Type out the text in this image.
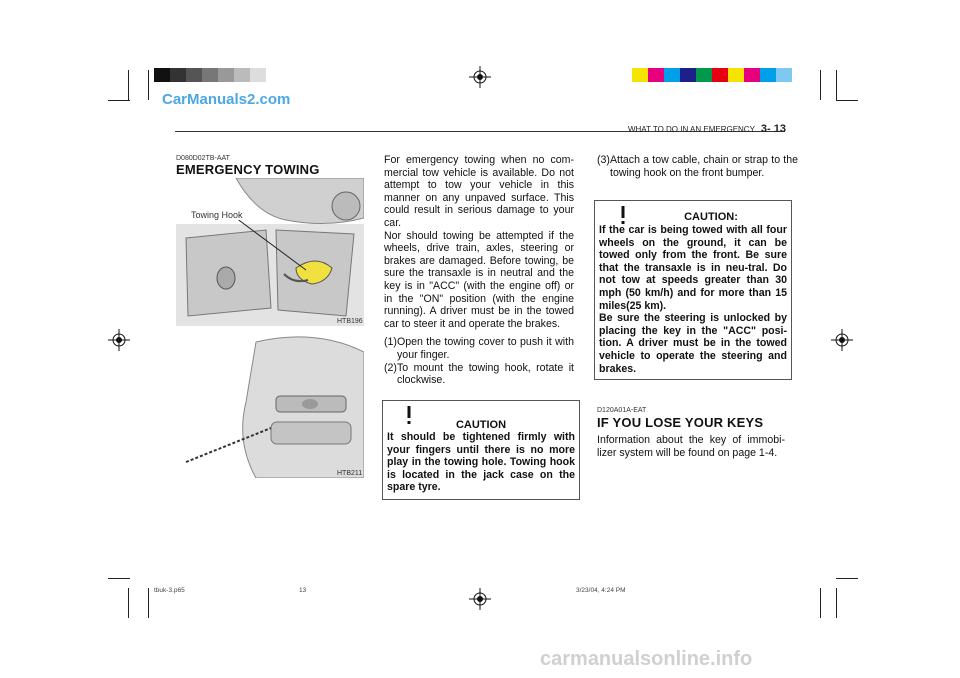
CarManuals2.com
WHAT TO DO IN AN EMERGENCY 3- 13
D080D02TB-AAT
EMERGENCY TOWING
Towing Hook
HTB196
HTB211
For emergency towing when no com-mercial tow vehicle is available. Do not attempt to tow your vehicle in this manner on any unpaved surface. This could result in serious damage to your car.
Nor should towing be attempted if the wheels, drive train, axles, steering or brakes are damaged. Before towing, be sure the transaxle is in neutral and the key is in "ACC" (with the engine off) or in the "ON" position (with the engine running). A driver must be in the towed car to steer it and operate the brakes.
(1)Open the towing cover to push it with your finger.
(2)To mount the towing hook, rotate it clockwise.
CAUTION
It should be tightened firmly with your fingers until there is no more play in the towing hole. Towing hook is located in the jack case on the spare tyre.
(3)Attach a tow cable, chain or strap to the towing hook on the front bumper.
CAUTION:
If the car is being towed with all four wheels on the ground, it can be towed only from the front. Be sure that the transaxle is in neu-tral. Do not tow at speeds greater than 30 mph (50 km/h) and for more than 15 miles(25 km).
Be sure the steering is unlocked by placing the key in the "ACC" posi-tion. A driver must be in the towed vehicle to operate the steering and brakes.
D120A01A-EAT
IF YOU LOSE YOUR KEYS
Information about the key of immobi-lizer system will be found on page 1-4.
tbuk-3.p65	13	3/23/04, 4:24 PM
carmanualsonline.info
